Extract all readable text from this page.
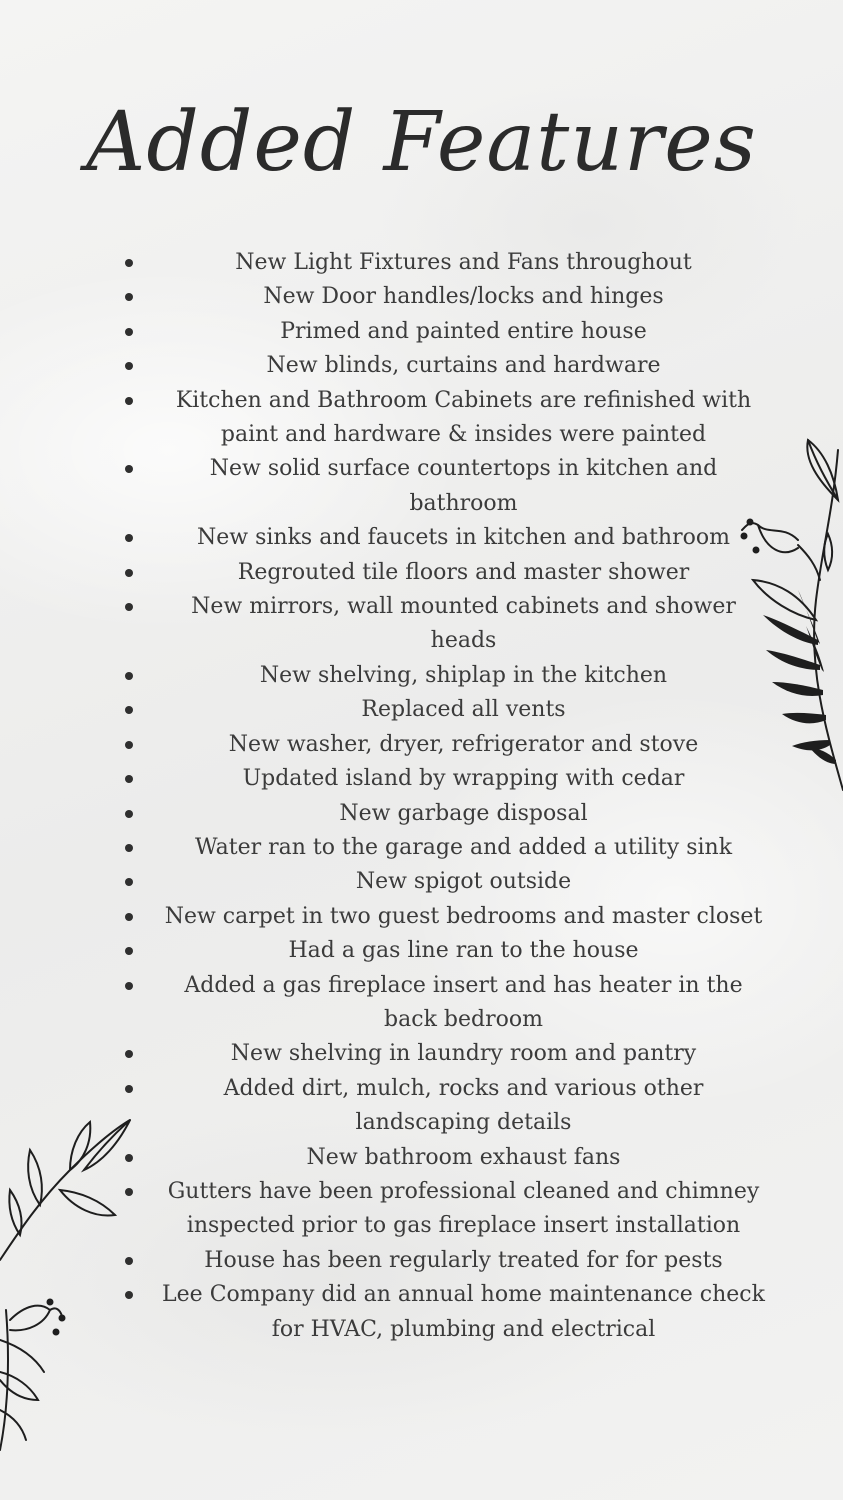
Added Features
New Light Fixtures and Fans throughout
New Door handles/locks and hinges
Primed and painted entire house
New blinds, curtains and hardware
Kitchen and Bathroom Cabinets are refinished with paint and hardware & insides were painted
New solid surface countertops in kitchen and bathroom
New sinks and faucets in kitchen and bathroom
Regrouted tile floors and master shower
New mirrors, wall mounted cabinets and shower heads
New shelving, shiplap in the kitchen
Replaced all vents
New washer, dryer, refrigerator and stove
Updated island by wrapping with cedar
New garbage disposal
Water ran to the garage and added a utility sink
New spigot outside
New carpet in two guest bedrooms and master closet
Had a gas line ran to the house
Added a gas fireplace insert and has heater in the back bedroom
New shelving in laundry room and pantry
Added dirt, mulch, rocks and various other landscaping details
New bathroom exhaust fans
Gutters have been professional cleaned and chimney inspected prior to gas fireplace insert installation
House has been regularly treated for for pests
Lee Company did an annual home maintenance check for HVAC, plumbing and electrical
